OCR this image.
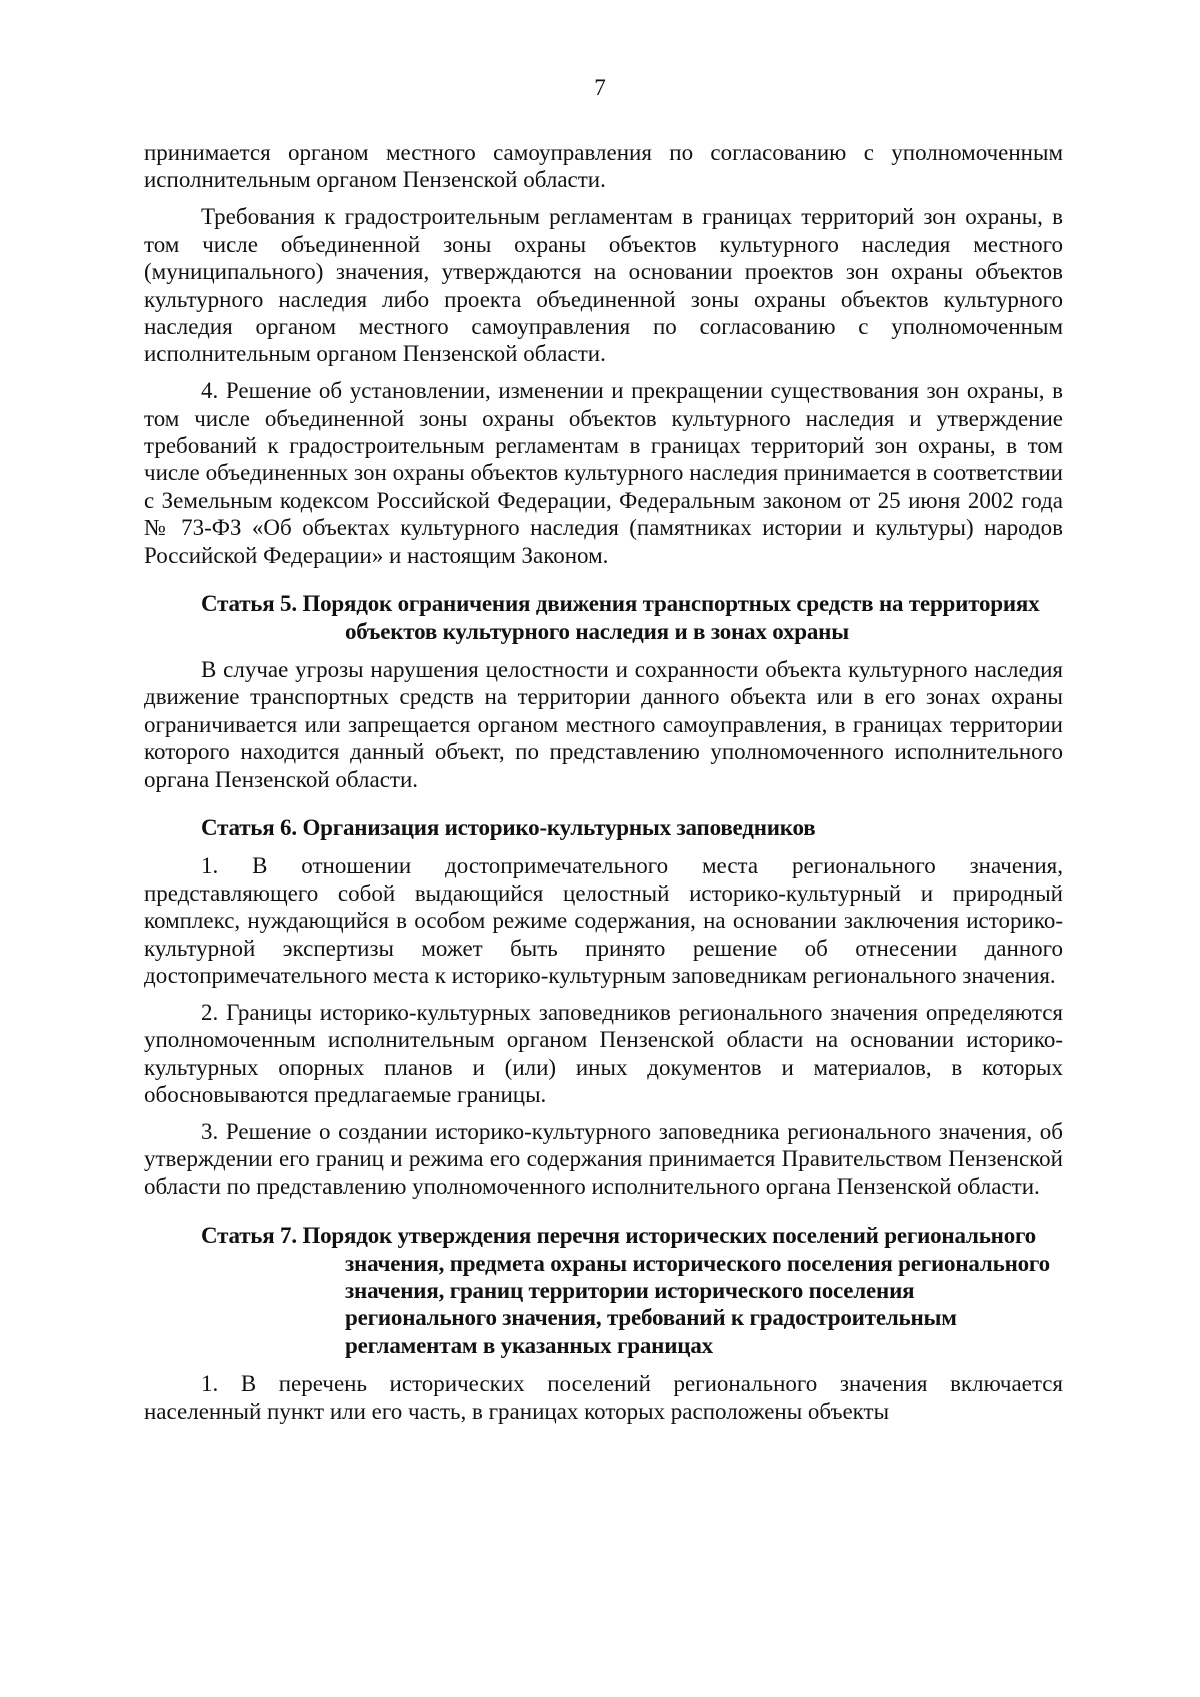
7

принимается органом местного самоуправления по согласованию с уполномоченным исполнительным органом Пензенской области.

Требования к градостроительным регламентам в границах территорий зон охраны, в том числе объединенной зоны охраны объектов культурного наследия местного (муниципального) значения, утверждаются на основании проектов зон охраны объектов культурного наследия либо проекта объединенной зоны охраны объектов культурного наследия органом местного самоуправления по согласованию с уполномоченным исполнительным органом Пензенской области.

4. Решение об установлении, изменении и прекращении существования зон охраны, в том числе объединенной зоны охраны объектов культурного наследия и утверждение требований к градостроительным регламентам в границах территорий зон охраны, в том числе объединенных зон охраны объектов культурного наследия принимается в соответствии с Земельным кодексом Российской Федерации, Федеральным законом от 25 июня 2002 года № 73-ФЗ «Об объектах культурного наследия (памятниках истории и культуры) народов Российской Федерации» и настоящим Законом.

Статья 5. Порядок ограничения движения транспортных средств на территориях объектов культурного наследия и в зонах охраны

В случае угрозы нарушения целостности и сохранности объекта культурного наследия движение транспортных средств на территории данного объекта или в его зонах охраны ограничивается или запрещается органом местного самоуправления, в границах территории которого находится данный объект, по представлению уполномоченного исполнительного органа Пензенской области.

Статья 6. Организация историко-культурных заповедников

1. В отношении достопримечательного места регионального значения, представляющего собой выдающийся целостный историко-культурный и природный комплекс, нуждающийся в особом режиме содержания, на основании заключения историко-культурной экспертизы может быть принято решение об отнесении данного достопримечательного места к историко-культурным заповедникам регионального значения.

2. Границы историко-культурных заповедников регионального значения определяются уполномоченным исполнительным органом Пензенской области на основании историко-культурных опорных планов и (или) иных документов и материалов, в которых обосновываются предлагаемые границы.

3. Решение о создании историко-культурного заповедника регионального значения, об утверждении его границ и режима его содержания принимается Правительством Пензенской области по представлению уполномоченного исполнительного органа Пензенской области.

Статья 7. Порядок утверждения перечня исторических поселений регионального значения, предмета охраны исторического поселения регионального значения, границ территории исторического поселения регионального значения, требований к градостроительным регламентам в указанных границах

1. В перечень исторических поселений регионального значения включается населенный пункт или его часть, в границах которых расположены объекты
